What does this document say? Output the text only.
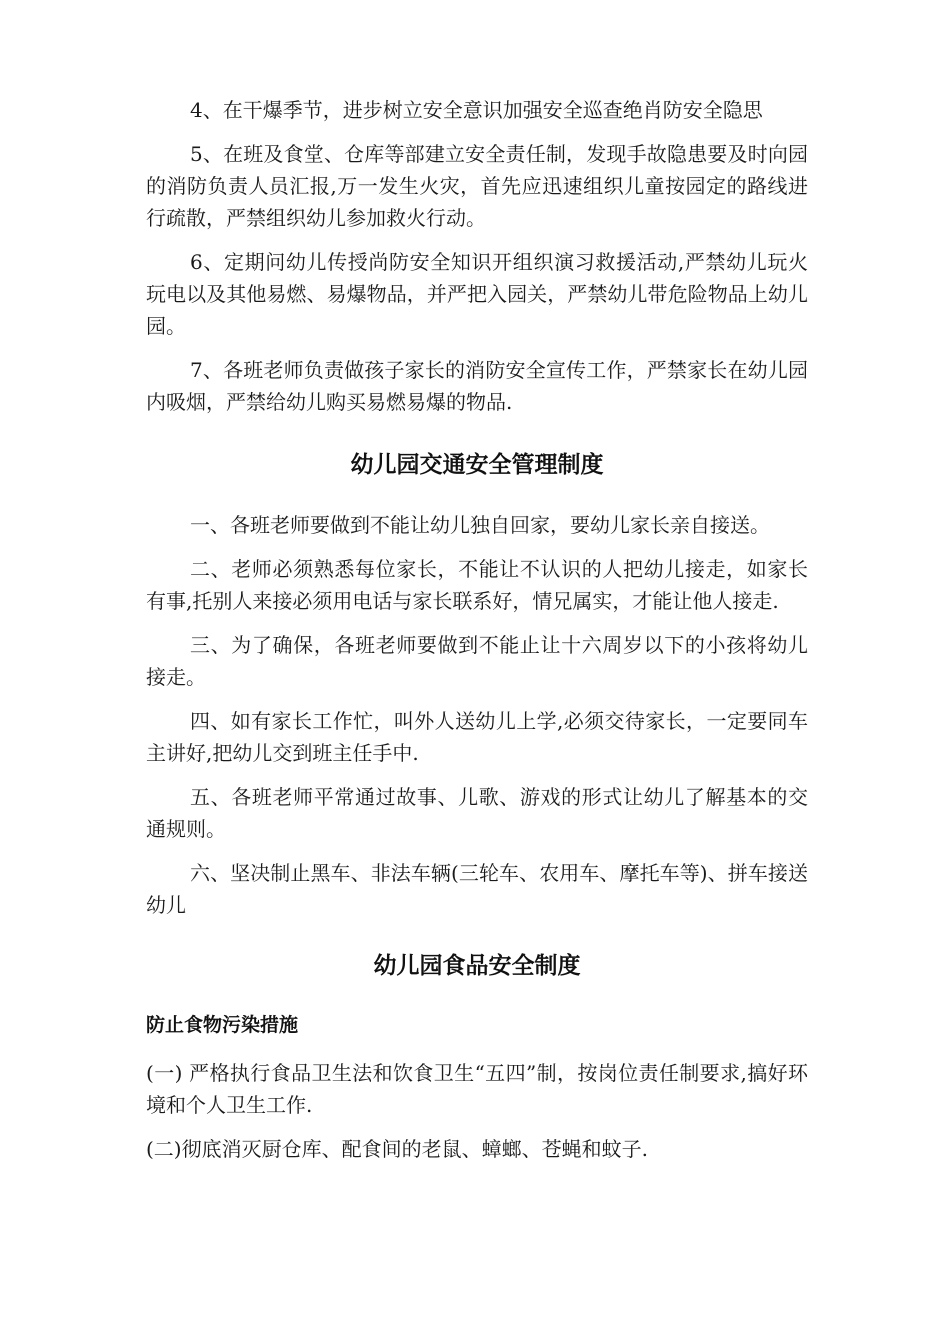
4、在干爆季节，进步树立安全意识加强安全巡查绝肖防安全隐思

5、在班及食堂、仓库等部建立安全责任制，发现手故隐患要及时向园的消防负责人员汇报,万一发生火灾，首先应迅速组织儿童按园定的路线进行疏散，严禁组织幼儿参加救火行动。

6、定期问幼儿传授尚防安全知识开组织演习救援活动,严禁幼儿玩火玩电以及其他易燃、易爆物品，并严把入园关，严禁幼儿带危险物品上幼儿园。

7、各班老师负责做孩子家长的消防安全宣传工作，严禁家长在幼儿园内吸烟，严禁给幼儿购买易燃易爆的物品.

幼儿园交通安全管理制度

一、各班老师要做到不能让幼儿独自回家，要幼儿家长亲自接送。

二、老师必须熟悉每位家长，不能让不认识的人把幼儿接走，如家长有事,托别人来接必须用电话与家长联系好，情兄属实，才能让他人接走.

三、为了确保，各班老师要做到不能止让十六周岁以下的小孩将幼儿接走。

四、如有家长工作忙，叫外人送幼儿上学,必须交待家长，一定要同车主讲好,把幼儿交到班主任手中.

五、各班老师平常通过故事、儿歌、游戏的形式让幼儿了解基本的交通规则。

六、坚决制止黑车、非法车辆(三轮车、农用车、摩托车等)、拼车接送幼儿

幼儿园食品安全制度
防止食物污染措施

(一) 严格执行食品卫生法和饮食卫生“五四”制，按岗位责任制要求,搞好环境和个人卫生工作.

(二)彻底消灭厨仓库、配食间的老鼠、蟑螂、苍蝇和蚊子.
